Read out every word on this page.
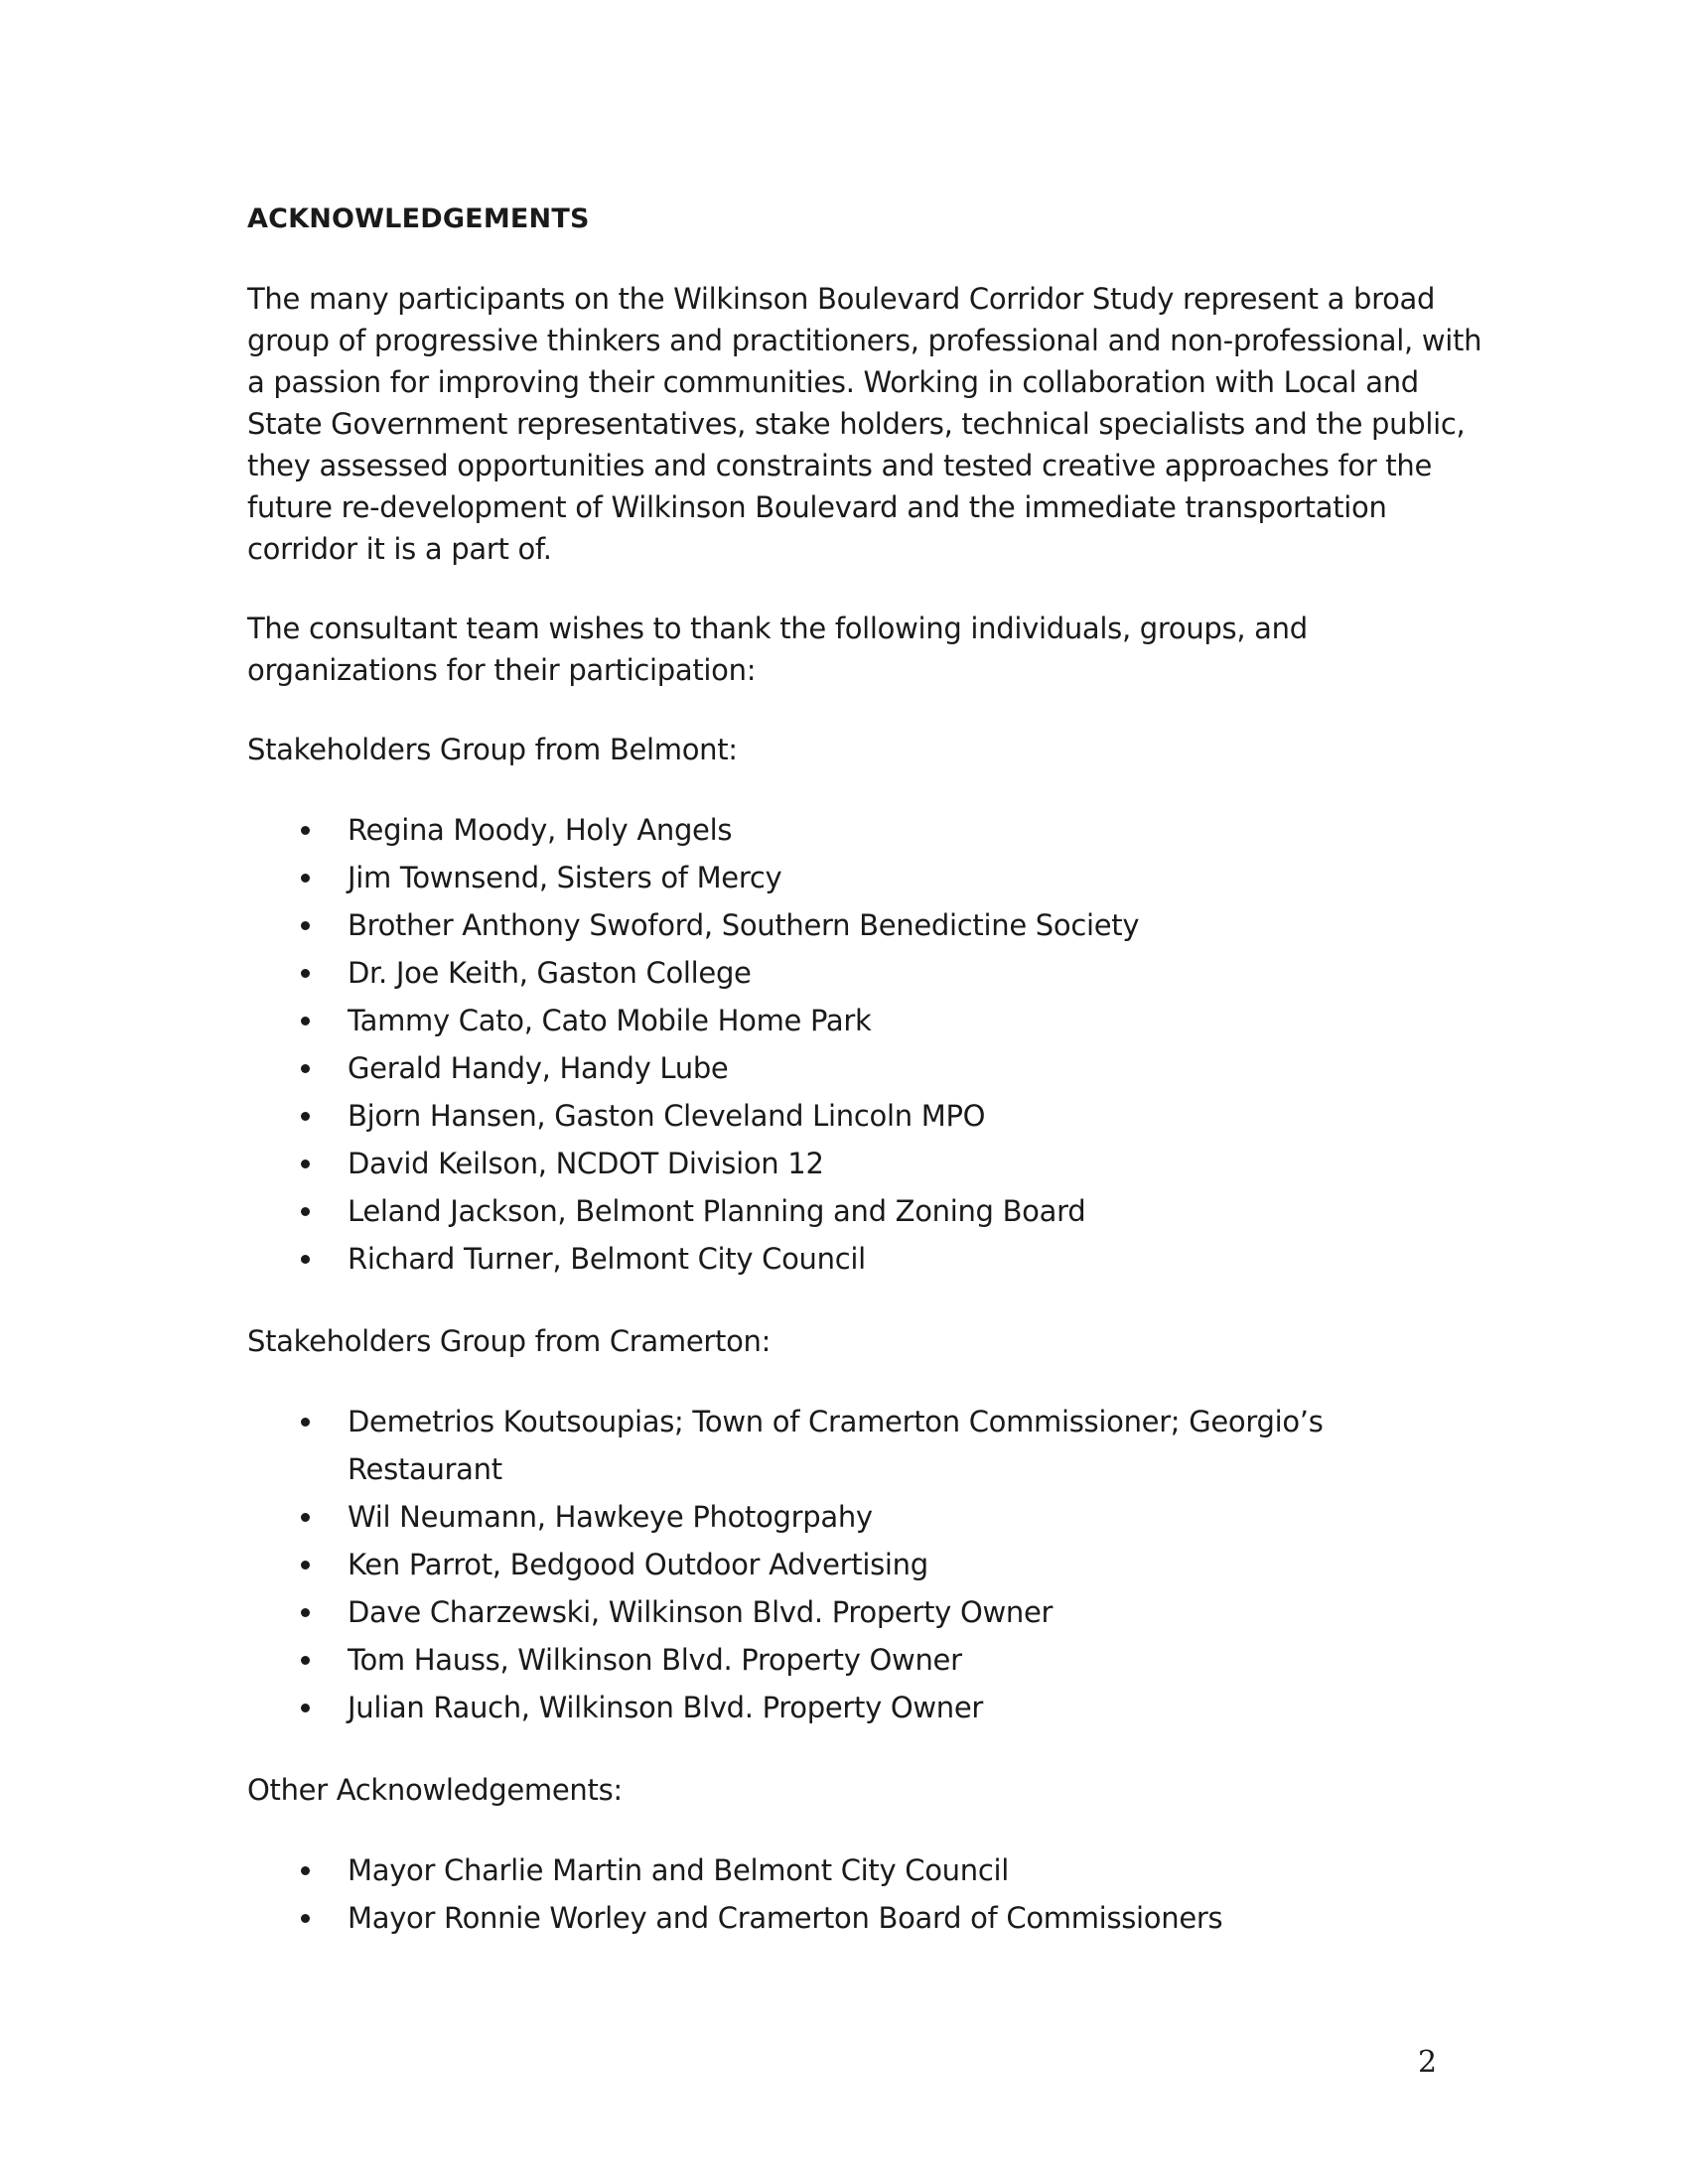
ACKNOWLEDGEMENTS

The many participants on the Wilkinson Boulevard Corridor Study represent a broad
group of progressive thinkers and practitioners, professional and non-professional, with
a passion for improving their communities. Working in collaboration with Local and
State Government representatives, stake holders, technical specialists and the public,
they assessed opportunities and constraints and tested creative approaches for the
future re-development of Wilkinson Boulevard and the immediate transportation
corridor it is a part of.

The consultant team wishes to thank the following individuals, groups, and
organizations for their participation:

Stakeholders Group from Belmont:

Regina Moody, Holy Angels
Jim Townsend, Sisters of Mercy
Brother Anthony Swoford, Southern Benedictine Society
Dr. Joe Keith, Gaston College
Tammy Cato, Cato Mobile Home Park
Gerald Handy, Handy Lube
Bjorn Hansen, Gaston Cleveland Lincoln MPO
David Keilson, NCDOT Division 12
Leland Jackson, Belmont Planning and Zoning Board
Richard Turner, Belmont City Council

Stakeholders Group from Cramerton:

Demetrios Koutsoupias; Town of Cramerton Commissioner; Georgio’s
Restaurant
Wil Neumann, Hawkeye Photogrpahy
Ken Parrot, Bedgood Outdoor Advertising
Dave Charzewski, Wilkinson Blvd. Property Owner
Tom Hauss, Wilkinson Blvd. Property Owner
Julian Rauch, Wilkinson Blvd. Property Owner

Other Acknowledgements:

Mayor Charlie Martin and Belmont City Council
Mayor Ronnie Worley and Cramerton Board of Commissioners
2
